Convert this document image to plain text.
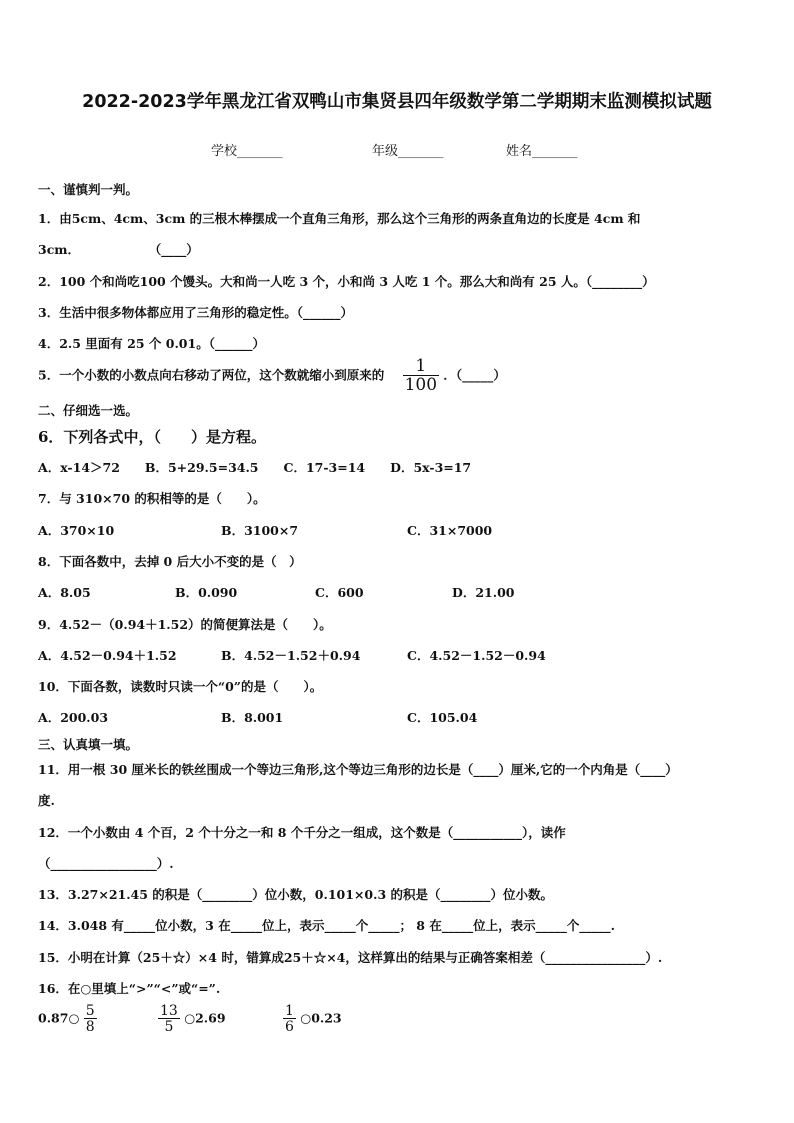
2022-2023学年黑龙江省双鸭山市集贤县四年级数学第二学期期末监测模拟试题
学校_______	年级_______	姓名_______
一、谨慎判一判。
1．由5cm、4cm、3cm 的三根木棒摆成一个直角三角形，那么这个三角形的两条直角边的长度是 4cm 和
3cm．	（____）
2．100 个和尚吃100 个馒头。大和尚一人吃 3 个，小和尚 3 人吃 1 个。那么大和尚有 25 人。（________）
3．生活中很多物体都应用了三角形的稳定性。（______）
4．2.5 里面有 25 个 0.01。（______）
5．一个小数的小数点向右移动了两位，这个数就缩小到原来的 $\frac{1}{100}$ ．（_____）
二、仔细选一选。
6．下列各式中，（　　）是方程。
A．x-14＞72　　B．5+29.5=34.5　　C．17-3=14　　D．5x-3=17
7．与 310×70 的积相等的是（　　）。
A．370×10	B．3100×7	C．31×7000
8．下面各数中，去掉 0 后大小不变的是（　）
A．8.05	B．0.090	C．600	D．21.00
9．4.52－（0.94＋1.52）的简便算法是（　　）。
A．4.52－0.94＋1.52	B．4.52－1.52＋0.94	C．4.52－1.52－0.94
10．下面各数，读数时只读一个“0”的是（　　）。
A．200.03	B．8.001	C．105.04
三、认真填一填。
11．用一根 30 厘米长的铁丝围成一个等边三角形,这个等边三角形的边长是（____）厘米,它的一个内角是（____）
度.
12．一个小数由 4 个百，2 个十分之一和 8 个千分之一组成，这个数是（___________），读作
（_________________）.
13．3.27×21.45 的积是（________）位小数，0.101×0.3 的积是（________）位小数。
14．3.048 有_____位小数，3 在_____位上，表示_____个_____； 8 在_____位上，表示_____个_____.
15．小明在计算（25＋☆）×4 时，错算成25＋☆×4，这样算出的结果与正确答案相差（________________）.
16．在○里填上“>”“<”或“=”.
0.87○ $\frac{5}{8}$	$\frac{13}{5}$ ○2.69	$\frac{1}{6}$ ○0.23
